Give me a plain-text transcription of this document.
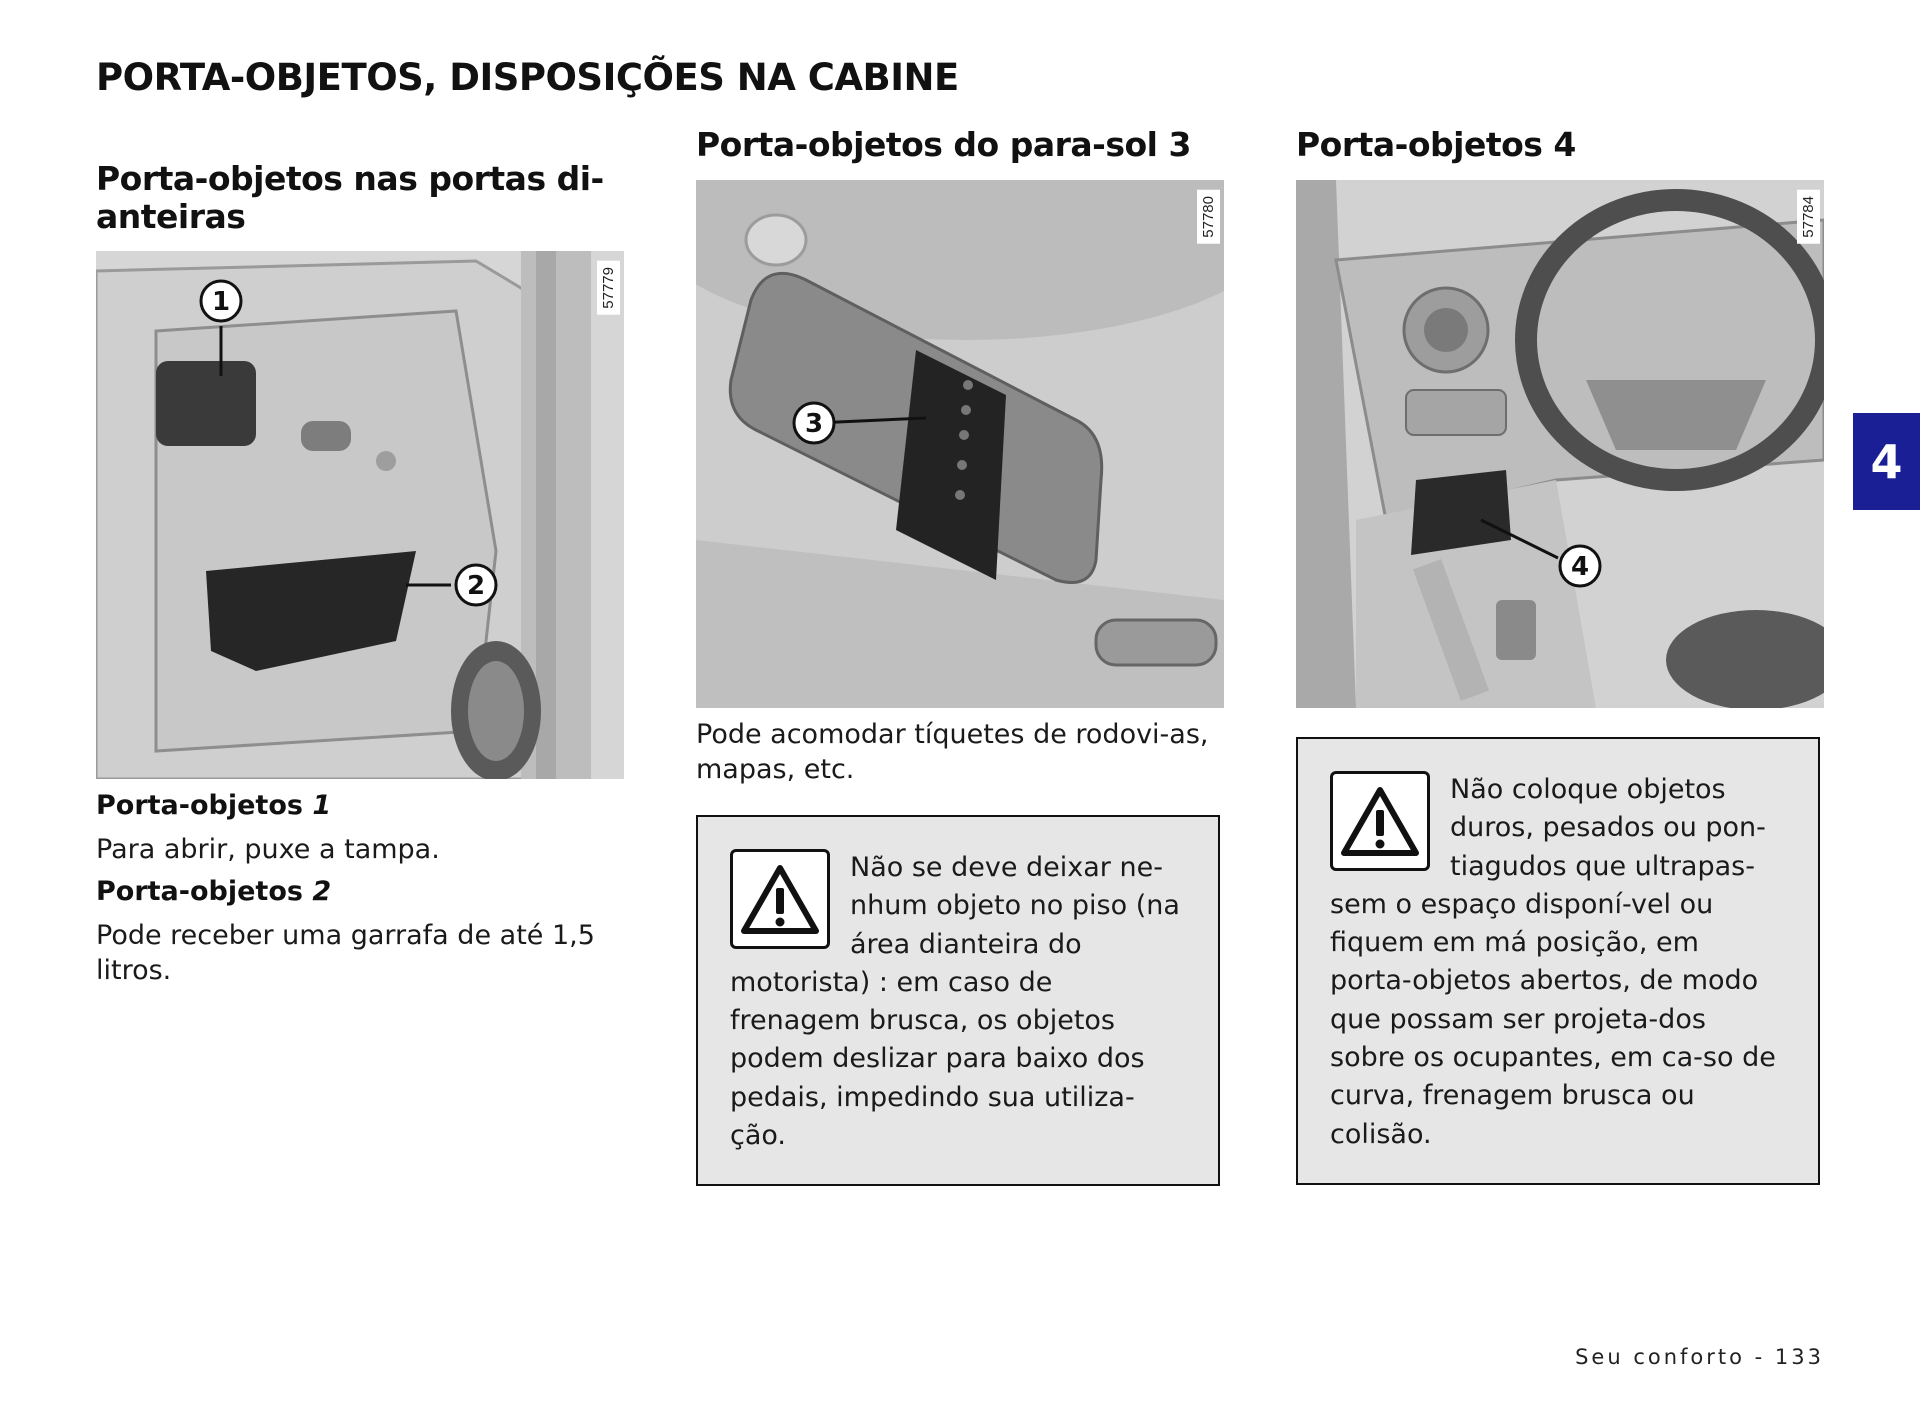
PORTA-OBJETOS, DISPOSIÇÕES NA CABINE
Porta-objetos nas portas di-
anteiras
1
2
57779
Porta-objetos 1

Para abrir, puxe a tampa.

Porta-objetos 2

Pode receber uma garrafa de até 1,5 litros.

Porta-objetos do para-sol 3
3
57780

Pode acomodar tíquetes de rodovi-as, mapas, etc.

Não se deve deixar ne-nhum objeto no piso (na área dianteira do motorista) : em caso de frenagem brusca, os objetos podem deslizar para baixo dos pedais, impedindo sua utiliza-ção.

Porta-objetos 4
4
57784

Não coloque objetos duros, pesados ou pon-tiagudos que ultrapas-sem o espaço disponí-vel ou fiquem em má posição, em porta-objetos abertos, de modo que possam ser projeta-dos sobre os ocupantes, em ca-so de curva, frenagem brusca ou colisão.

4

Seu conforto - 133
